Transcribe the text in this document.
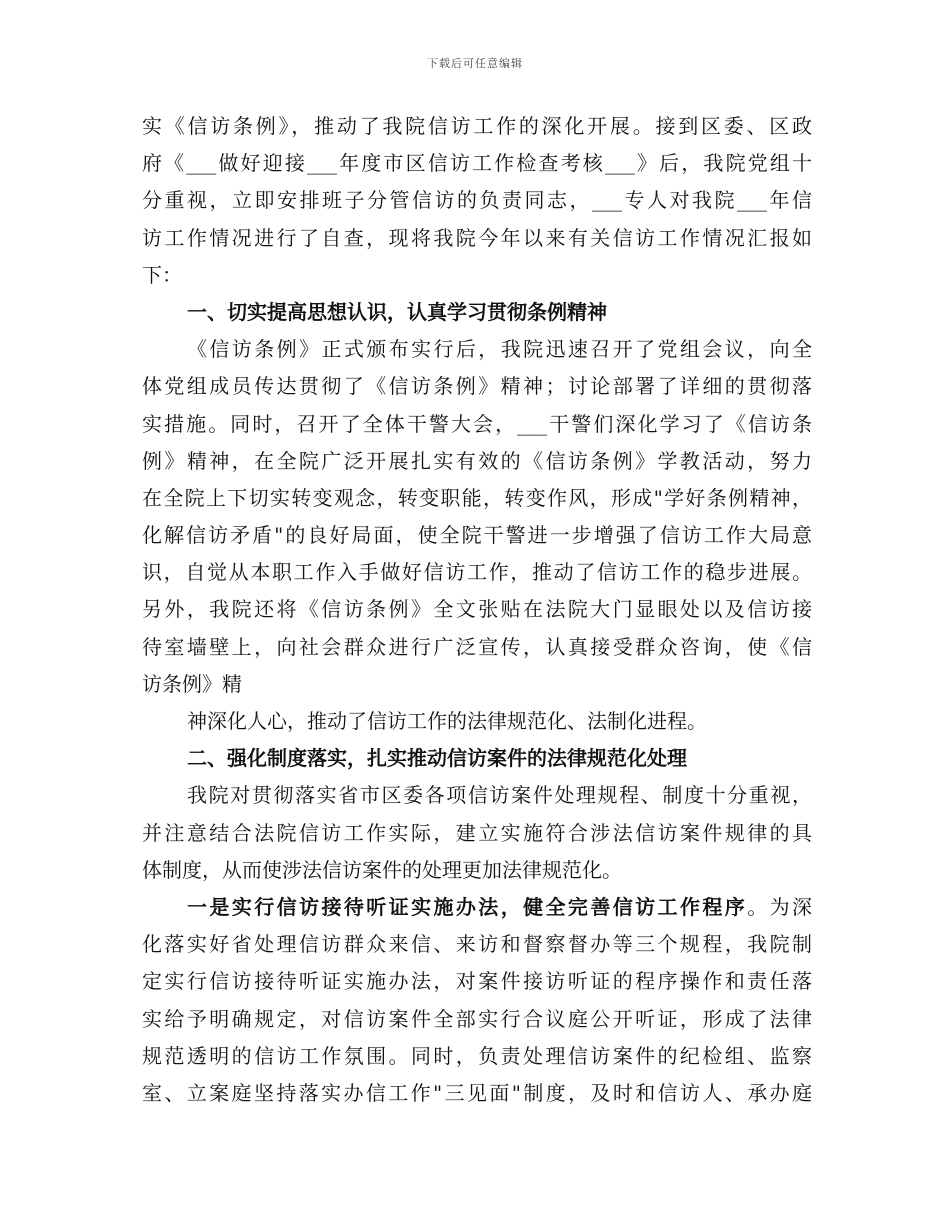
下载后可任意编辑
实《信访条例》，推动了我院信访工作的深化开展。接到区委、区政
府《___做好迎接___年度市区信访工作检查考核___》后，我院党组十
分重视，立即安排班子分管信访的负责同志，___专人对我院___年信
访工作情况进行了自查，现将我院今年以来有关信访工作情况汇报如
下：
一、切实提高思想认识，认真学习贯彻条例精神
《信访条例》正式颁布实行后，我院迅速召开了党组会议，向全
体党组成员传达贯彻了《信访条例》精神；讨论部署了详细的贯彻落
实措施。同时，召开了全体干警大会，___干警们深化学习了《信访条
例》精神，在全院广泛开展扎实有效的《信访条例》学教活动，努力
在全院上下切实转变观念，转变职能，转变作风，形成"学好条例精神，
化解信访矛盾"的良好局面，使全院干警进一步增强了信访工作大局意
识，自觉从本职工作入手做好信访工作，推动了信访工作的稳步进展。
另外，我院还将《信访条例》全文张贴在法院大门显眼处以及信访接
待室墙壁上，向社会群众进行广泛宣传，认真接受群众咨询，使《信
访条例》精
神深化人心，推动了信访工作的法律规范化、法制化进程。
二、强化制度落实，扎实推动信访案件的法律规范化处理
我院对贯彻落实省市区委各项信访案件处理规程、制度十分重视，
并注意结合法院信访工作实际，建立实施符合涉法信访案件规律的具
体制度，从而使涉法信访案件的处理更加法律规范化。
一是实行信访接待听证实施办法，健全完善信访工作程序。为深
化落实好省处理信访群众来信、来访和督察督办等三个规程，我院制
定实行信访接待听证实施办法，对案件接访听证的程序操作和责任落
实给予明确规定，对信访案件全部实行合议庭公开听证，形成了法律
规范透明的信访工作氛围。同时，负责处理信访案件的纪检组、监察
室、立案庭坚持落实办信工作"三见面"制度，及时和信访人、承办庭
